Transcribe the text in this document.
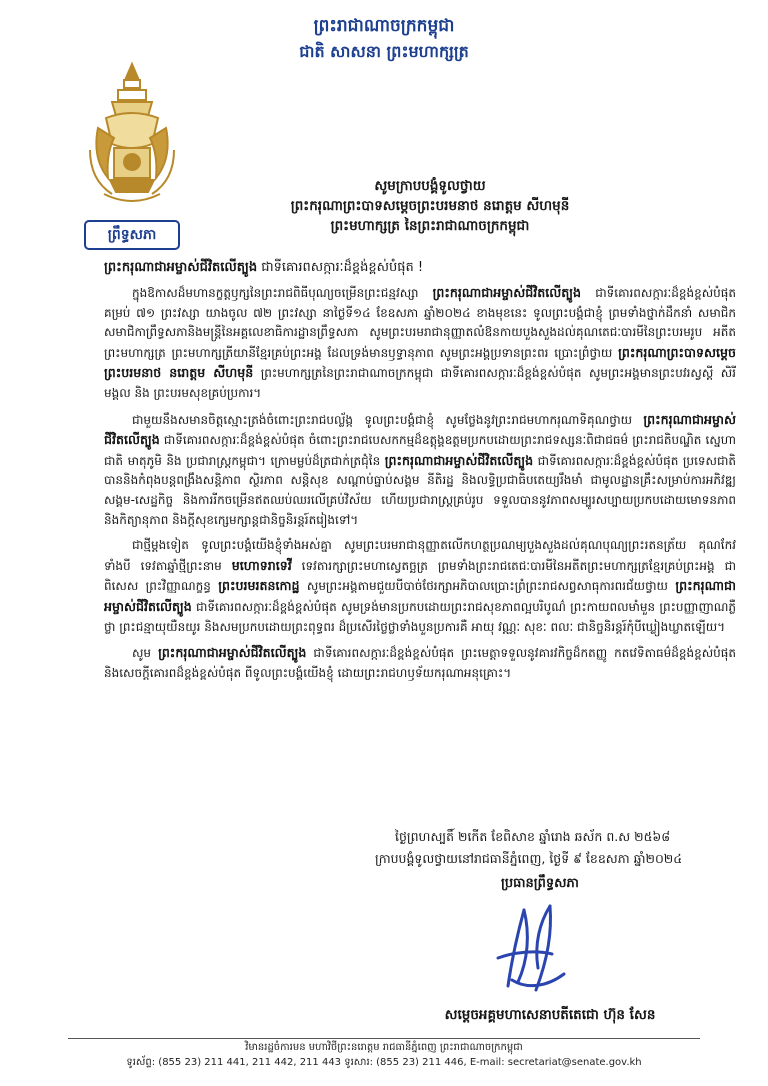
ព្រះរាជាណាចក្រកម្ពុជា
ជាតិ សាសនា ព្រះមហាក្សត្រ
ព្រឹទ្ធសភា
សូមក្រាបបង្គំទូលថ្វាយ
ព្រះករុណាព្រះបាទសម្តេចព្រះបរមនាថ នរោត្តម សីហមុនី
ព្រះមហាក្សត្រ នៃព្រះរាជាណាចក្រកម្ពុជា
ព្រះករុណាជាអម្ចាស់ជីវិតលើត្បូង ជាទីគោរពសក្ការៈដ៏ខ្ពង់ខ្ពស់បំផុត !

ក្នុងឱកាសដ៏មហានក្ខត្តឫក្សនៃព្រះរាជពិធីបុណ្យចម្រើនព្រះជន្មវស្សា ព្រះករុណាជាអម្ចាស់ជីវិតលើត្បូង ជាទីគោរពសក្ការៈដ៏ខ្ពង់ខ្ពស់បំផុត គម្រប់ ៧១ ព្រះវស្សា យាងចូល ៧២ ព្រះវស្សា នាថ្ងៃទី១៤ ខែឧសភា ឆ្នាំ២០២៤ ខាងមុខនេះ ទូលព្រះបង្គំជាខ្ញុំ ព្រមទាំងថ្នាក់ដឹកនាំ សមាជិក សមាជិកាព្រឹទ្ធសភានិងមន្ត្រីនៃអគ្គលេខាធិការដ្ឋានព្រឹទ្ធសភា សូមព្រះបរមរាជានុញ្ញាតលំឱនកាយបួងសួងដល់គុណតេជៈបារមីនៃព្រះបរមរូប អតីតព្រះមហាក្សត្រ ព្រះមហាក្សត្រីយានីខ្មែរគ្រប់ព្រះអង្គ ដែលទ្រង់មានឫទ្ធានុភាព សូមព្រះអង្គប្រទានព្រះពរ ប្រោះព្រំថ្វាយ ព្រះករុណាព្រះបាទសម្តេចព្រះបរមនាថ នរោត្តម សីហមុនី ព្រះមហាក្សត្រនៃព្រះរាជាណាចក្រកម្ពុជា ជាទីគោរពសក្ការៈដ៏ខ្ពង់ខ្ពស់បំផុត សូមព្រះអង្គមានព្រះបវរស្វស្តី សិរីមង្គល និង ព្រះបរមសុខគ្រប់ប្រការ។

ជាមួយនឹងសមានចិត្តស្មោះត្រង់ចំពោះព្រះរាជបល្ល័ង្ក ទូលព្រះបង្គំជាខ្ញុំ សូមថ្លែងនូវព្រះរាជមហាករុណាទិគុណថ្វាយ ព្រះករុណាជាអម្ចាស់ជីវិតលើត្បូង ជាទីគោរពសក្ការៈដ៏ខ្ពង់ខ្ពស់បំផុត ចំពោះព្រះរាជបេសកកម្មដ៏ឧត្តុង្គឧត្តមប្រកបដោយព្រះរាជទស្សនៈពិជាជធម៌ ព្រះរាជតិបណ្ឌិត ស្នេហាជាតិ មាតុភូមិ និង ប្រជារាស្ត្រកម្ពុជា។ ក្រោមម្លប់ដ៏ត្រជាក់ត្រជុំនៃ ព្រះករុណាជាអម្ចាស់ជីវិតលើត្បូង ជាទីគោរពសក្ការៈដ៏ខ្ពង់ខ្ពស់បំផុត ប្រទេសជាតិបាននិងកំពុងបន្តពង្រឹងសន្តិភាព ស្ថិរភាព សន្តិសុខ សណ្តាប់ធ្នាប់សង្គម នីតិរដ្ឋ និងលទ្ធិប្រជាធិបតេយ្យរឹងមាំ ជាមូលដ្ឋានគ្រឹះសម្រាប់ការអភិវឌ្ឍសង្គម-សេដ្ឋកិច្ច និងការរីកចម្រើនឥតឈប់ឈរលើគ្រប់វិស័យ ហើយប្រជារាស្ត្រគ្រប់រូប ទទួលបាននូវភាពសម្បូរសប្បាយប្រកបដោយមោទនភាព និងកិត្យានុភាព និងក្តីសុខក្សេមក្សាន្តជានិច្ចនិរន្តរ៍តរៀងទៅ។

ជាថ្មីម្តងទៀត ទូលព្រះបង្គំយើងខ្ញុំទាំងអស់គ្នា សូមព្រះបរមរាជានុញ្ញាតលើកហត្ថប្រណម្យបួងសួងដល់គុណបុណ្យព្រះរតនត្រ័យ គុណកែវទាំងបី ទេវតាឆ្នាំថ្មីព្រះនាម មហោទរាទេវី ទេវតារក្សាព្រះមហាស្វេតច្ឆត្រ ព្រមទាំងព្រះរាជតេជៈបារមីនៃអតីតព្រះមហាក្សត្រខ្មែរគ្រប់ព្រះអង្គ ជាពិសេស ព្រះវិញ្ញាណក្ខន្ធ ព្រះបរមរតនកោដ្ឋ សូមព្រះអង្គតាមជួយបីបាច់ថែរក្សាអភិបាលប្រោះព្រំព្រះរាជសព្វសាធុការពរជ័យថ្វាយ ព្រះករុណាជាអម្ចាស់ជីវិតលើត្បូង ជាទីគោរពសក្ការៈដ៏ខ្ពង់ខ្ពស់បំផុត សូមទ្រង់មានប្រកបដោយព្រះរាជសុខភាពល្អបរិបូណ៌ ព្រះកាយពលមាំមួន ព្រះបញ្ញាញាណភ្លឺថ្លា ព្រះជន្មាយុយឺនយូរ និងសមប្រកបដោយព្រះពុទ្ធពរ ដ៏ប្រសើរថ្លៃថ្លាទាំងបួនប្រការគឺ អាយុ វណ្ណៈ សុខៈ ពលៈ ជានិច្ចនិរន្តរ៍កុំបីឃ្លៀងឃ្លាតឡើយ។

សូម ព្រះករុណាជាអម្ចាស់ជីវិតលើត្បូង ជាទីគោរពសក្ការៈដ៏ខ្ពង់ខ្ពស់បំផុត ព្រះមេត្តាទទួលនូវគារវកិច្ចដ៏កតញ្ញូ កតវេទិតាធម៌ដ៏ខ្ពង់ខ្ពស់បំផុត និងសេចក្តីគោរពដ៏ខ្ពង់ខ្ពស់បំផុត ពីទូលព្រះបង្គំយើងខ្ញុំ ដោយព្រះរាជហឫទ័យករុណាអនុគ្រោះ។

ថ្ងៃព្រហស្បតិ៍ ២កើត ខែពិសាខ ឆ្នាំរោង ឆស័ក ព.ស ២៥៦៨
ក្រាបបង្គំទូលថ្វាយនៅរាជធានីភ្នំពេញ, ថ្ងៃទី ៩ ខែឧសភា ឆ្នាំ២០២៤
ប្រធានព្រឹទ្ធសភា
សម្តេចអគ្គមហាសេនាបតីតេជោ ហ៊ុន សែន
វិមានរដ្ឋចំការមន មហាវិថីព្រះនរោត្តម រាជធានីភ្នំពេញ ព្រះរាជាណាចក្រកម្ពុជា
ទូរស័ព្ទ: (855 23) 211 441, 211 442, 211 443 ទូរសារ: (855 23) 211 446, E-mail: secretariat@senate.gov.kh
